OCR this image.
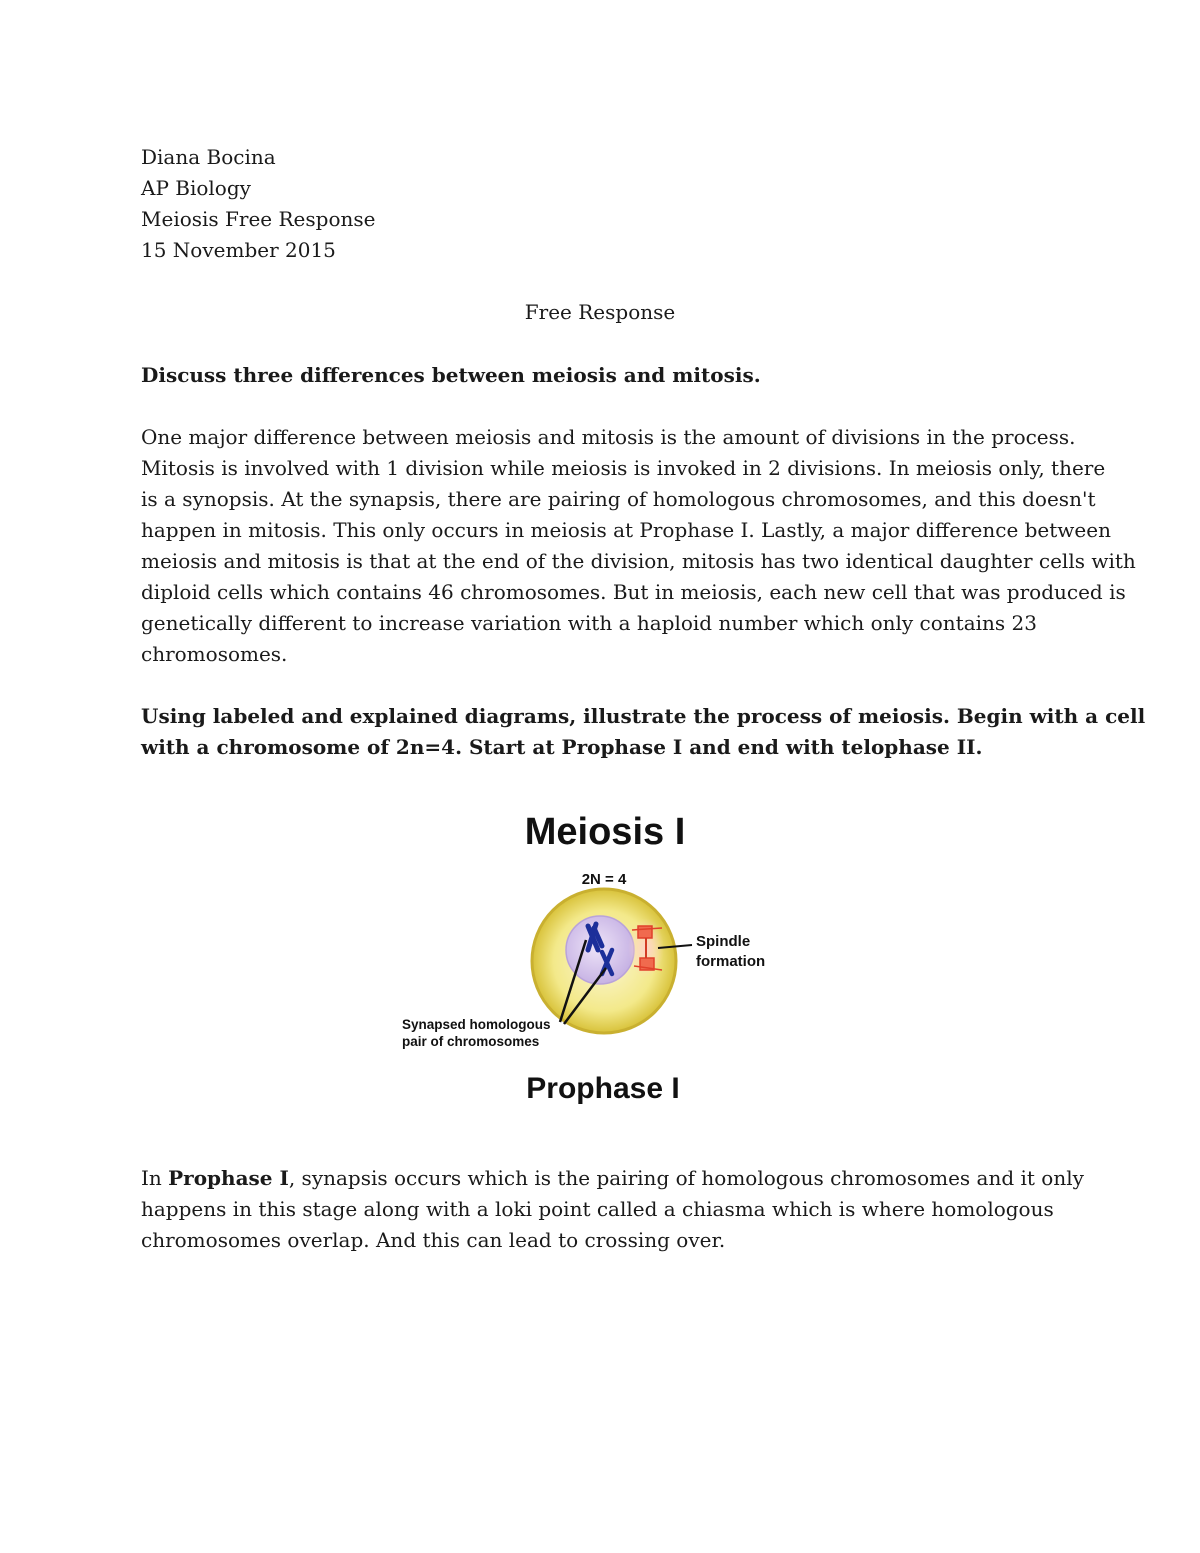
Diana Bocina
AP Biology
Meiosis Free Response
15 November 2015
Free Response
Discuss three differences between meiosis and mitosis.
One major difference between meiosis and mitosis is the amount of divisions in the process.
Mitosis is involved with 1 division while meiosis is invoked in 2 divisions. In meiosis only, there
is a synopsis. At the synapsis, there are pairing of homologous chromosomes, and this doesn't
happen in mitosis. This only occurs in meiosis at Prophase I. Lastly, a major difference between
meiosis and mitosis is that at the end of the division, mitosis has two identical daughter cells with
diploid cells which contains 46 chromosomes. But in meiosis, each new cell that was produced is
genetically different to increase variation with a haploid number which only contains 23
chromosomes.
Using labeled and explained diagrams, illustrate the process of meiosis. Begin with a cell
with a chromosome of 2n=4. Start at Prophase I and end with telophase II.
Meiosis I
2N = 4
Spindle
formation
Synapsed homologous
pair of chromosomes
Prophase I
In Prophase I, synapsis occurs which is the pairing of homologous chromosomes and it only
happens in this stage along with a loki point called a chiasma which is where homologous
chromosomes overlap. And this can lead to crossing over.
